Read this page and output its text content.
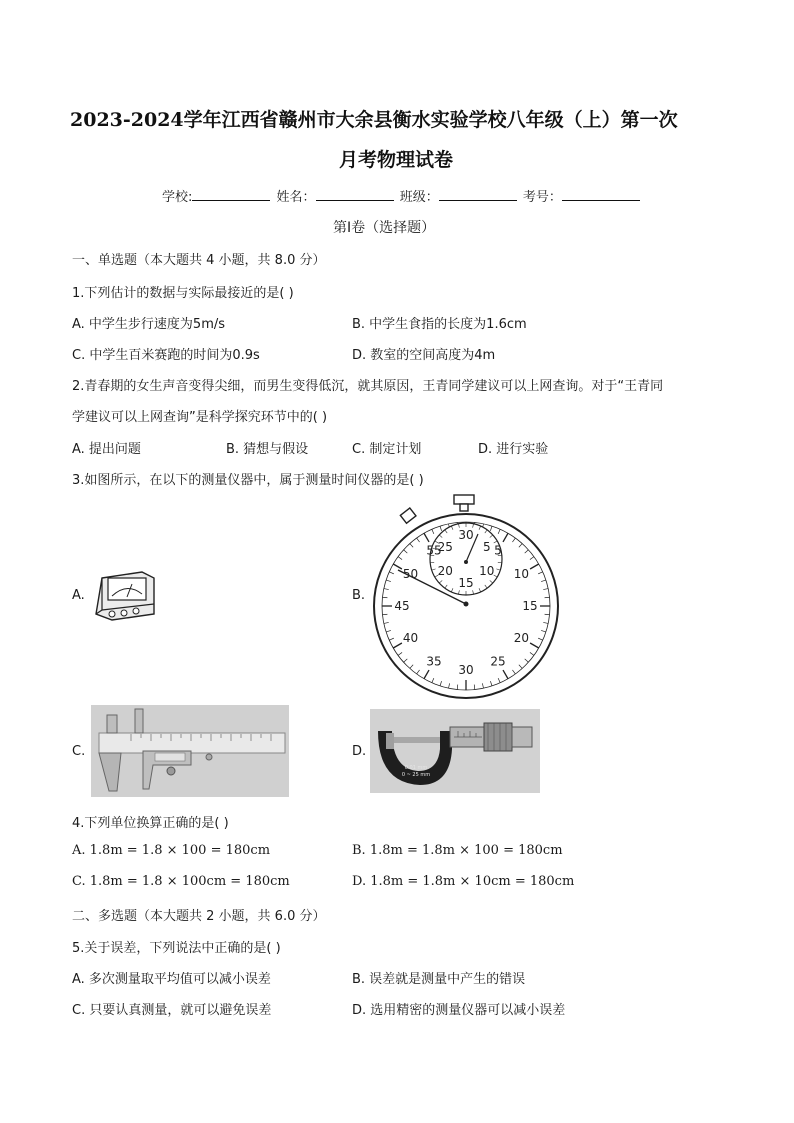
2023-2024学年江西省赣州市大余县衡水实验学校八年级（上）第一次
月考物理试卷
学校:	姓名：	班级：	考号：
第Ⅰ卷（选择题）
一、单选题（本大题共 4 小题，共 8.0 分）
1.下列估计的数据与实际最接近的是( )
A. 中学生步行速度为5m/s	B. 中学生食指的长度为1.6cm
C. 中学生百米赛跑的时间为0.9s	D. 教室的空间高度为4m
2.青春期的女生声音变得尖细，而男生变得低沉，就其原因，王青同学建议可以上网查询。对于“王青同
学建议可以上网查询”是科学探究环节中的( )
A. 提出问题	B. 猜想与假设	C. 制定计划	D. 进行实验
3.如图所示，在以下的测量仪器中，属于测量时间仪器的是( )
A.	B.
5
10
15
20
25
30
35
40
45
50
55
30
5
10
15
20
25
C.	D.
0.01 mm
0 ~ 25 mm
4.下列单位换算正确的是( )
A. 1.8m = 1.8 × 100 = 180cm	B. 1.8m = 1.8m × 100 = 180cm
C. 1.8m = 1.8 × 100cm = 180cm	D. 1.8m = 1.8m × 10cm = 180cm
二、多选题（本大题共 2 小题，共 6.0 分）
5.关于误差，下列说法中正确的是( )
A. 多次测量取平均值可以减小误差	B. 误差就是测量中产生的错误
C. 只要认真测量，就可以避免误差	D. 选用精密的测量仪器可以减小误差
